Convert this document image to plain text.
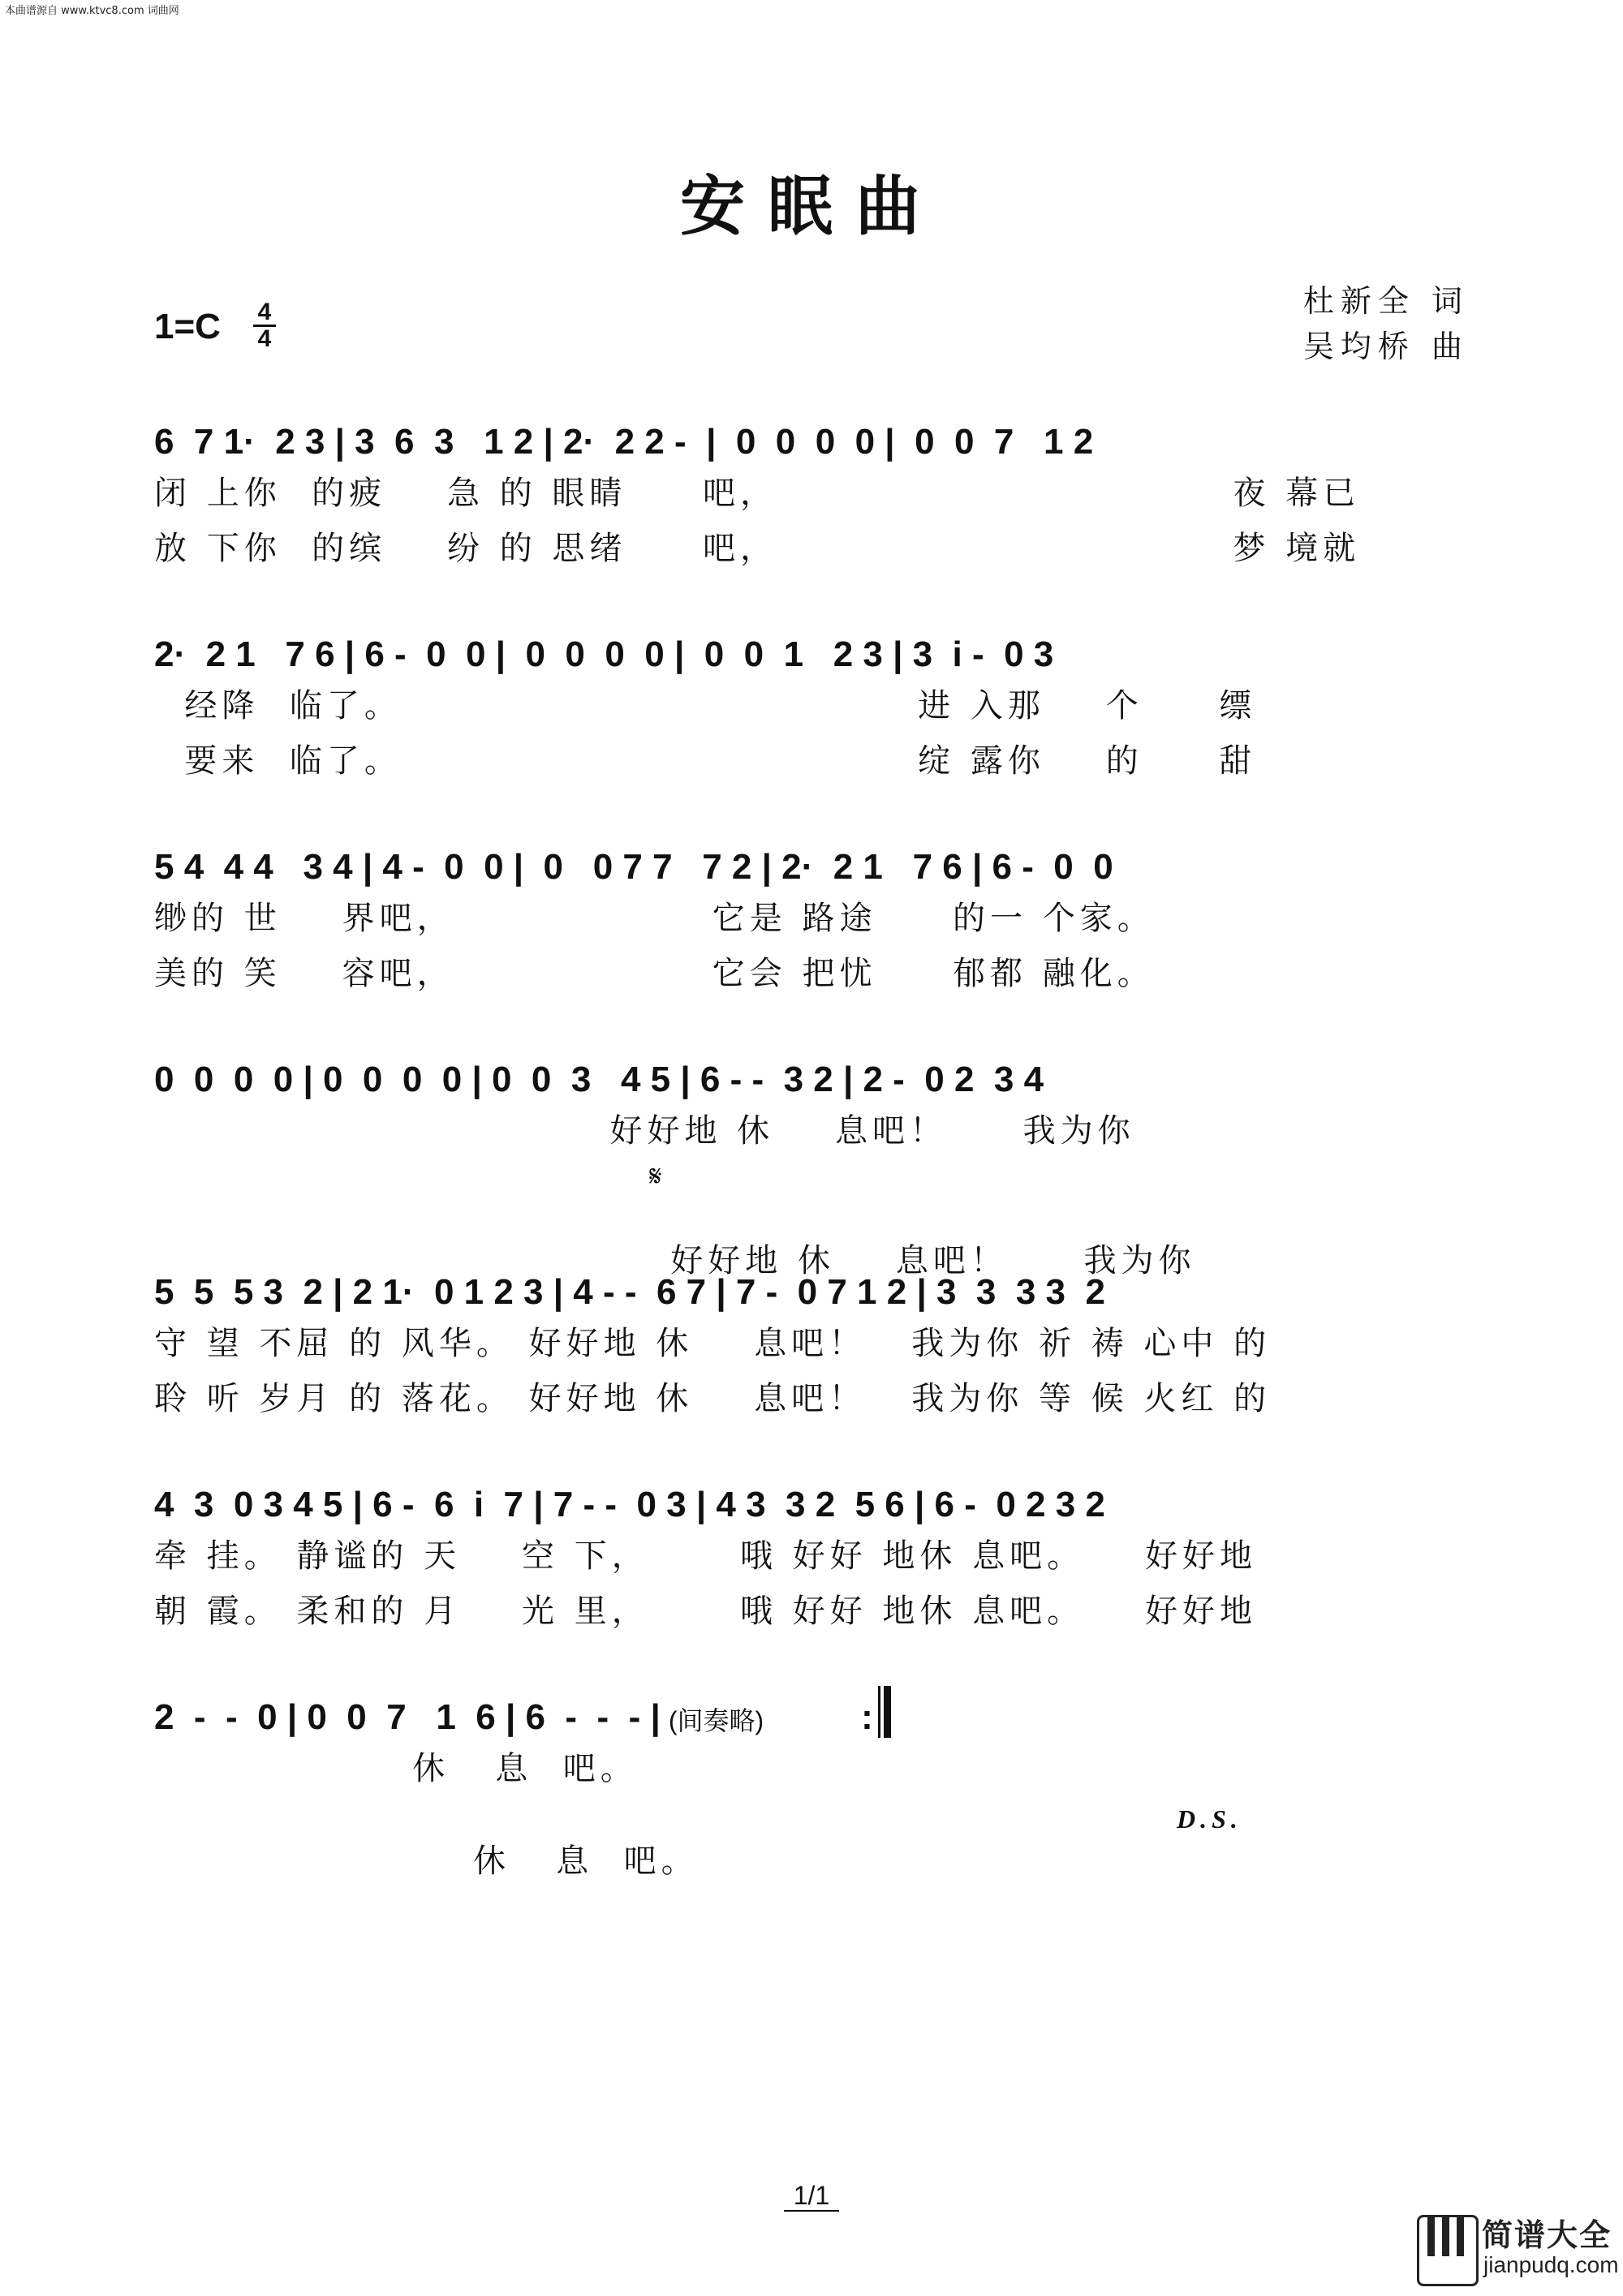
本曲谱源自 www.ktvc8.com 词曲网
安眠曲
杜新全 词
吴均桥 曲
1=C 4
4
6  7 1·  2 3 | 3  6  3   1 2 | 2·  2 2 -  |  0  0  0  0 |  0  0  7   1 2
闭 上你  的疲    急 的 眼睛     吧，                              夜 幕已
放 下你  的缤    纷 的 思绪     吧，                              梦 境就
2·  2 1   7 6 | 6 -  0  0 |  0  0  0  0 |  0  0  1   2 3 | 3  i -  0 3
经降  临了。                                  进 入那    个     缥
要来  临了。                                  绽 露你    的     甜
5 4  4 4   3 4 | 4 -  0  0 |  0   0 7 7   7 2 | 2·  2 1   7 6 | 6 -  0  0
缈的 世    界吧，                 它是 路途     的一 个家。
美的 笑    容吧，                 它会 把忧     郁都 融化。
0  0  0  0 | 0  0  0  0 | 0  0  3   4 5 | 6 - -  3 2 | 2 -  0 2  3 4
好好地 休    息吧！     我为你

𝄋

好好地 休    息吧！     我为你

5  5  5 3  2 | 2 1·  0 1 2 3 | 4 - -  6 7 | 7 -  0 7 1 2 | 3  3  3 3  2
守 望 不屈 的 风华。 好好地 休    息吧！   我为你 祈 祷 心中 的
聆 听 岁月 的 落花。 好好地 休    息吧！   我为你 等 候 火红 的
4  3  0 3 4 5 | 6 -  6  i  7 | 7 - -  0 3 | 4 3  3 2  5 6 | 6 -  0 2 3 2
牵 挂。 静谧的 天    空 下，      哦 好好 地休 息吧。    好好地
朝 霞。 柔和的 月    光 里，      哦 好好 地休 息吧。    好好地
2  -  -  0 | 0  0  7   1  6 | 6  -  -  - | (间奏略)	:
休   息  吧。

休   息  吧。

D.S.

1/1
简谱大全
jianpudq.com
